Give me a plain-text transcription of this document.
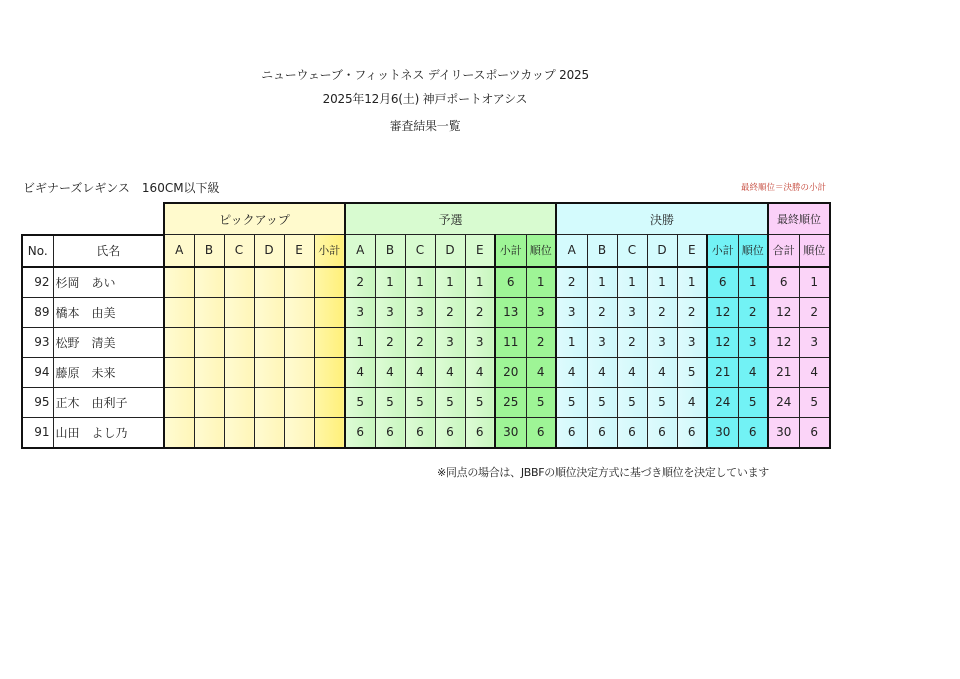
ニューウェーブ・フィットネス デイリースポーツカップ 2025
2025年12月6(土) 神戸ポートオアシス
審査結果一覧
ビギナーズレギンス　160CM以下級	最終順位＝決勝の小計
		ピックアップ						予選							決勝							最終順位	
No.	氏名	A	B	C	D	E	小計	A	B	C	D	E	小計	順位	A	B	C	D	E	小計	順位	合計	順位
92	杉岡　あい							2	1	1	1	1	6	1	2	1	1	1	1	6	1	6	1
89	橋本　由美							3	3	3	2	2	13	3	3	2	3	2	2	12	2	12	2
93	松野　清美							1	2	2	3	3	11	2	1	3	2	3	3	12	3	12	3
94	藤原　未来							4	4	4	4	4	20	4	4	4	4	4	5	21	4	21	4
95	正木　由利子							5	5	5	5	5	25	5	5	5	5	5	4	24	5	24	5
91	山田　よし乃							6	6	6	6	6	30	6	6	6	6	6	6	30	6	30	6
※同点の場合は、JBBFの順位決定方式に基づき順位を決定しています
